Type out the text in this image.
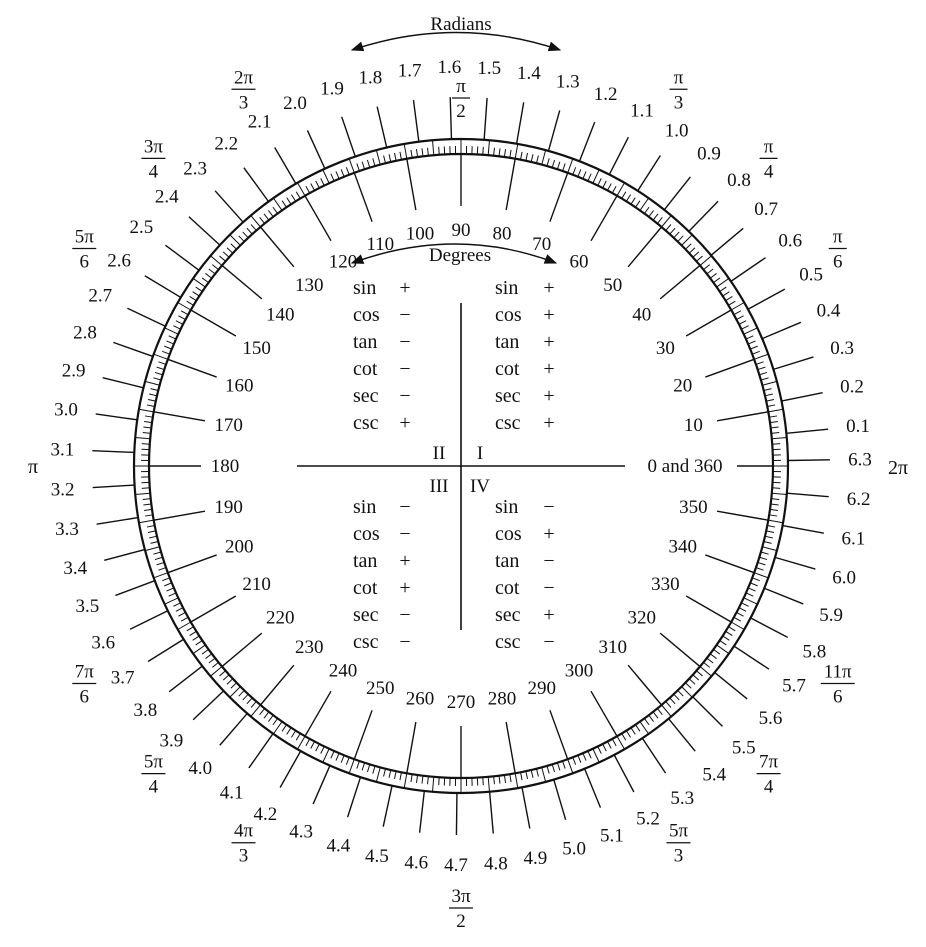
0.1
0.2
0.3
0.4
0.5
0.6
0.7
0.8
0.9
1.0
1.1
1.2
1.3
1.4
1.5
1.6
1.7
1.8
1.9
2.0
2.1
2.2
2.3
2.4
2.5
2.6
2.7
2.8
2.9
3.0
3.1
3.2
3.3
3.4
3.5
3.6
3.7
3.8
3.9
4.0
4.1
4.2
4.3
4.4 4.5 4.6 4.7 4.8 4.9 5.0
5.1
5.2
5.3
5.4
5.5
5.6
5.7
5.8
5.9
6.0
6.1
6.2
6.3
10
20
30
40
50
60
70
80
90
100
110
120
130
140
150
160
170
180
190
200
210
220
230
240
250
260 270 280
290
300
310
320
330
340
350
π
6
π
4
π
3
π
2
2π
3
3π
4
5π
6
7π
6
5π
4
4π
3
3π
2
5π
3
7π
4
11π
6
Radians
Degrees
I
II
III IV
sin +
cos −
tan −
cot −
sec −
csc +
sin +
cos +
tan +
cot +
sec +
csc +
sin −
cos −
tan +
cot +
sec −
csc −
sin −
cos +
tan −
cot −
sec +
csc −
0 and 360
π	2π
